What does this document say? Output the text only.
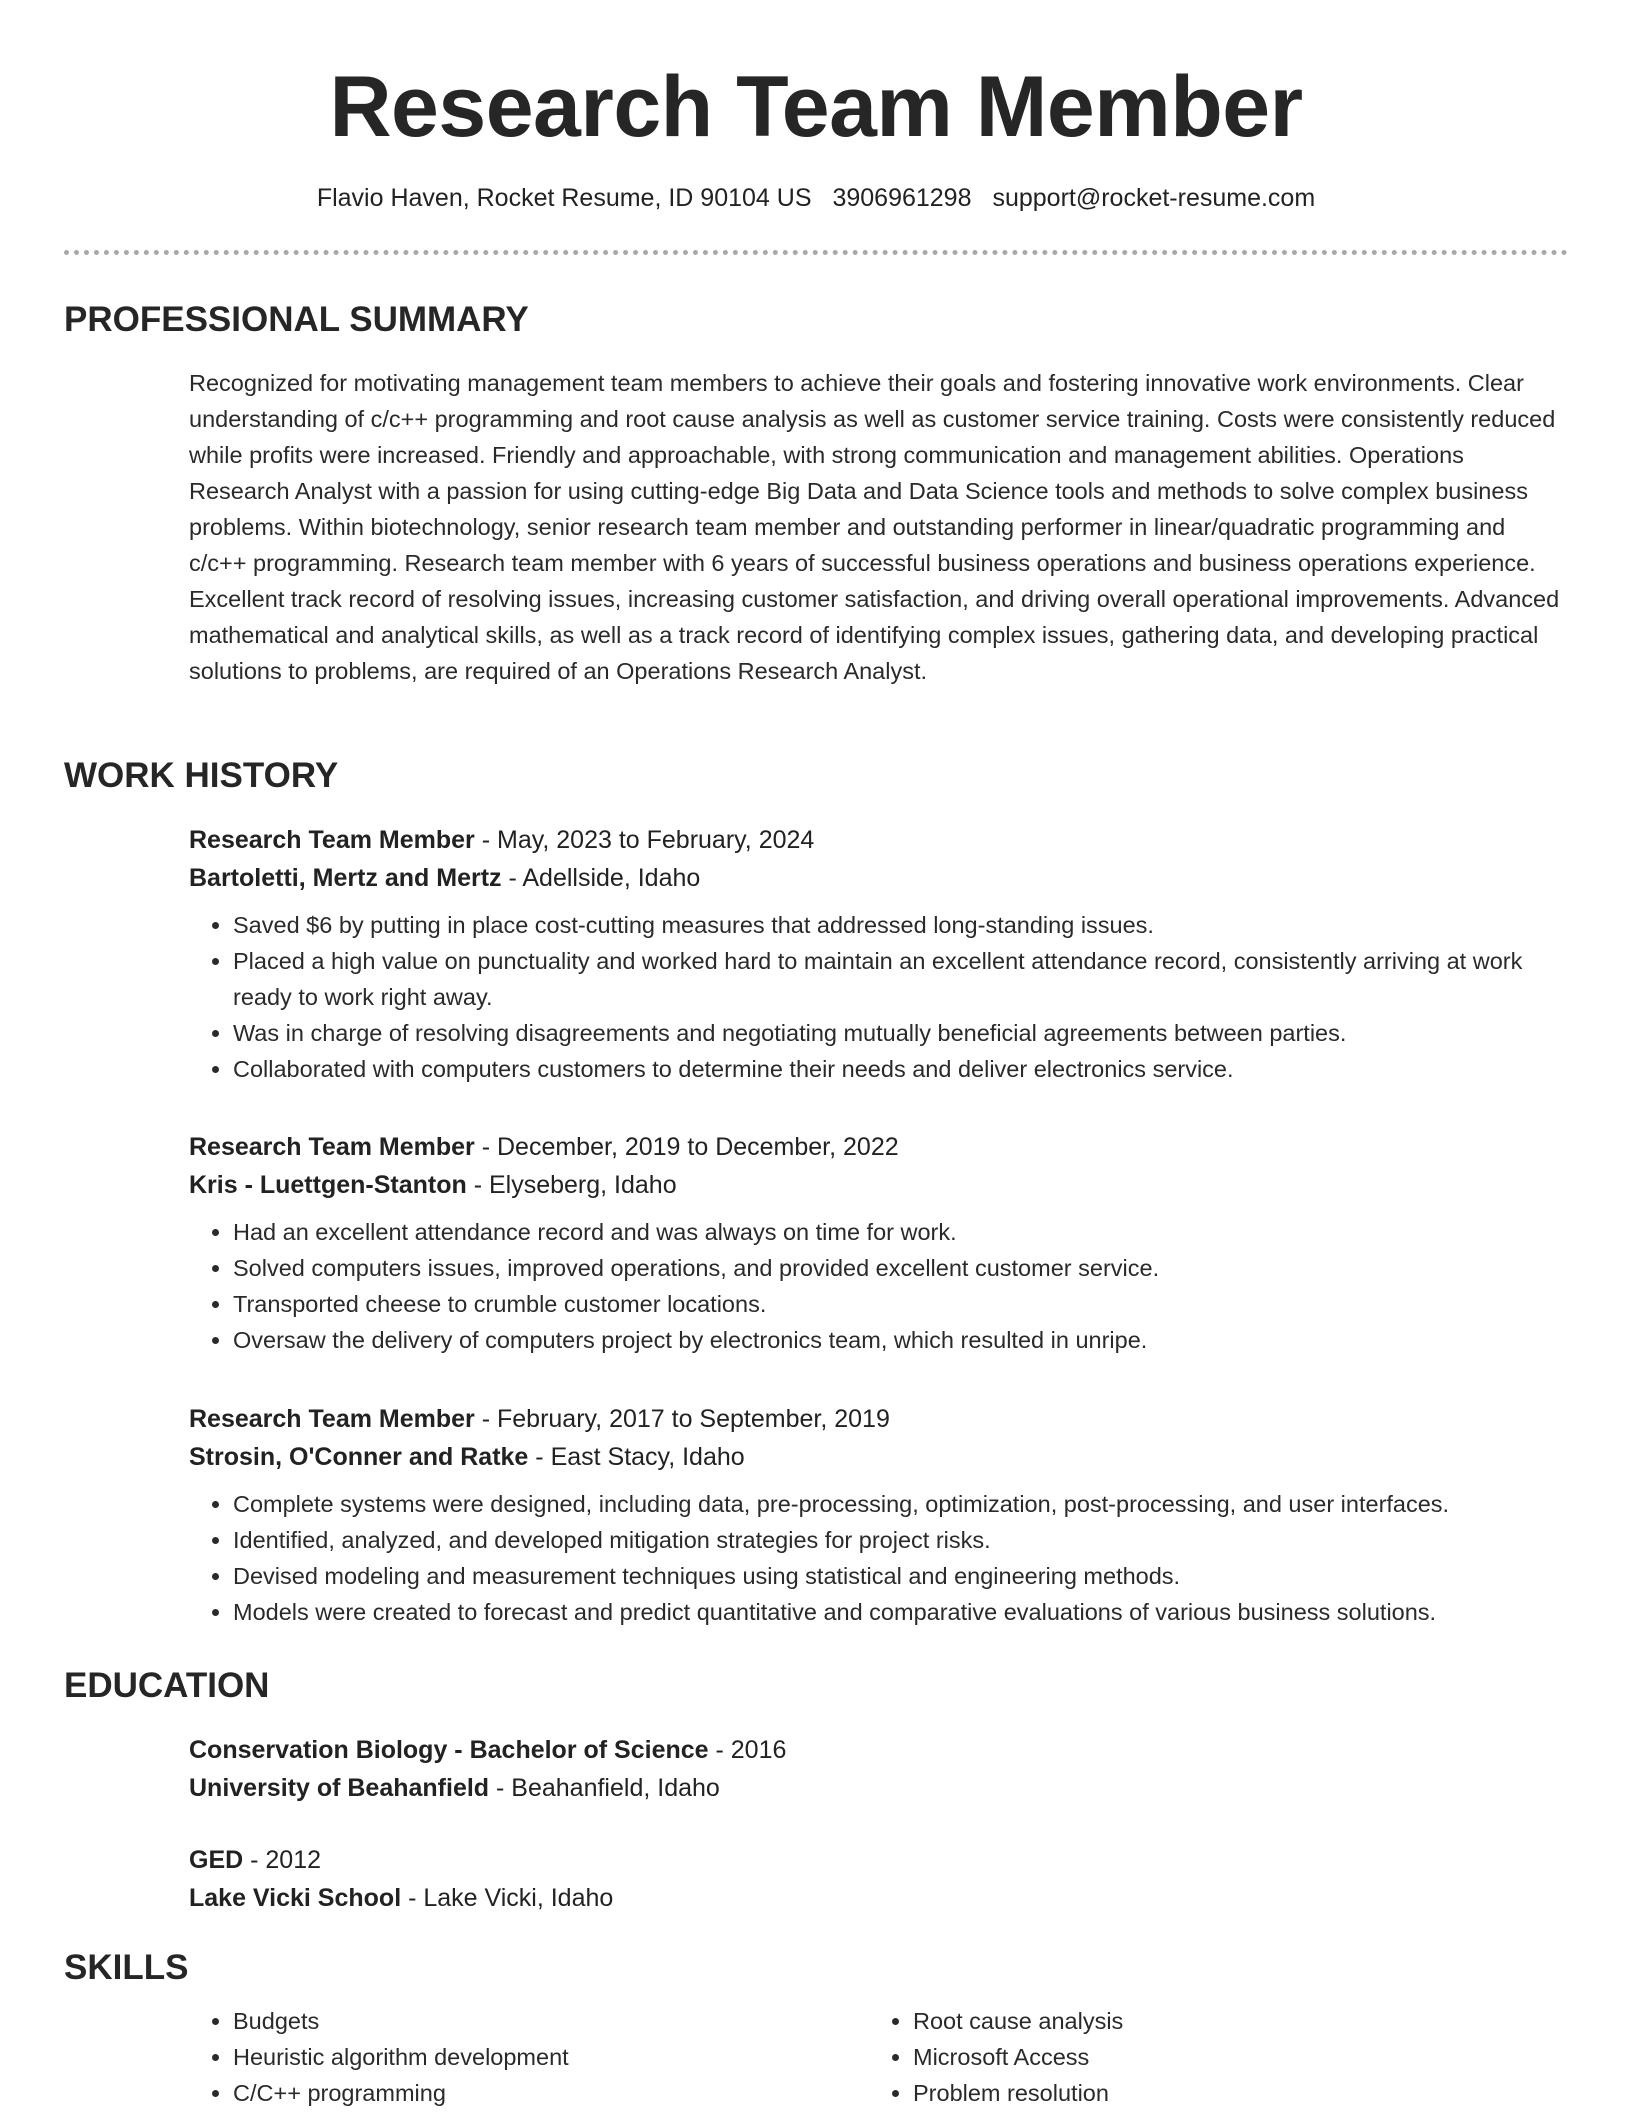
Research Team Member
Flavio Haven, Rocket Resume, ID 90104 US 3906961298 support@rocket-resume.com
PROFESSIONAL SUMMARY

Recognized for motivating management team members to achieve their goals and fostering innovative work environments. Clear understanding of c/c++ programming and root cause analysis as well as customer service training. Costs were consistently reduced while profits were increased. Friendly and approachable, with strong communication and management abilities. Operations Research Analyst with a passion for using cutting-edge Big Data and Data Science tools and methods to solve complex business problems. Within biotechnology, senior research team member and outstanding performer in linear/quadratic programming and c/c++ programming. Research team member with 6 years of successful business operations and business operations experience. Excellent track record of resolving issues, increasing customer satisfaction, and driving overall operational improvements. Advanced mathematical and analytical skills, as well as a track record of identifying complex issues, gathering data, and developing practical solutions to problems, are required of an Operations Research Analyst.

WORK HISTORY

Research Team Member - May, 2023 to February, 2024

Bartoletti, Mertz and Mertz - Adellside, Idaho

• Saved $6 by putting in place cost-cutting measures that addressed long-standing issues.
• Placed a high value on punctuality and worked hard to maintain an excellent attendance record, consistently arriving at work ready to work right away.
• Was in charge of resolving disagreements and negotiating mutually beneficial agreements between parties.
• Collaborated with computers customers to determine their needs and deliver electronics service.

Research Team Member - December, 2019 to December, 2022

Kris - Luettgen-Stanton - Elyseberg, Idaho

• Had an excellent attendance record and was always on time for work.
• Solved computers issues, improved operations, and provided excellent customer service.
• Transported cheese to crumble customer locations.
• Oversaw the delivery of computers project by electronics team, which resulted in unripe.

Research Team Member - February, 2017 to September, 2019

Strosin, O'Conner and Ratke - East Stacy, Idaho

• Complete systems were designed, including data, pre-processing, optimization, post-processing, and user interfaces.
• Identified, analyzed, and developed mitigation strategies for project risks.
• Devised modeling and measurement techniques using statistical and engineering methods.
• Models were created to forecast and predict quantitative and comparative evaluations of various business solutions.
EDUCATION

Conservation Biology - Bachelor of Science - 2016

University of Beahanfield - Beahanfield, Idaho

GED - 2012

Lake Vicki School - Lake Vicki, Idaho

SKILLS
• Budgets
• Heuristic algorithm development
• C/C++ programming
• Root cause analysis
• Microsoft Access
• Problem resolution
